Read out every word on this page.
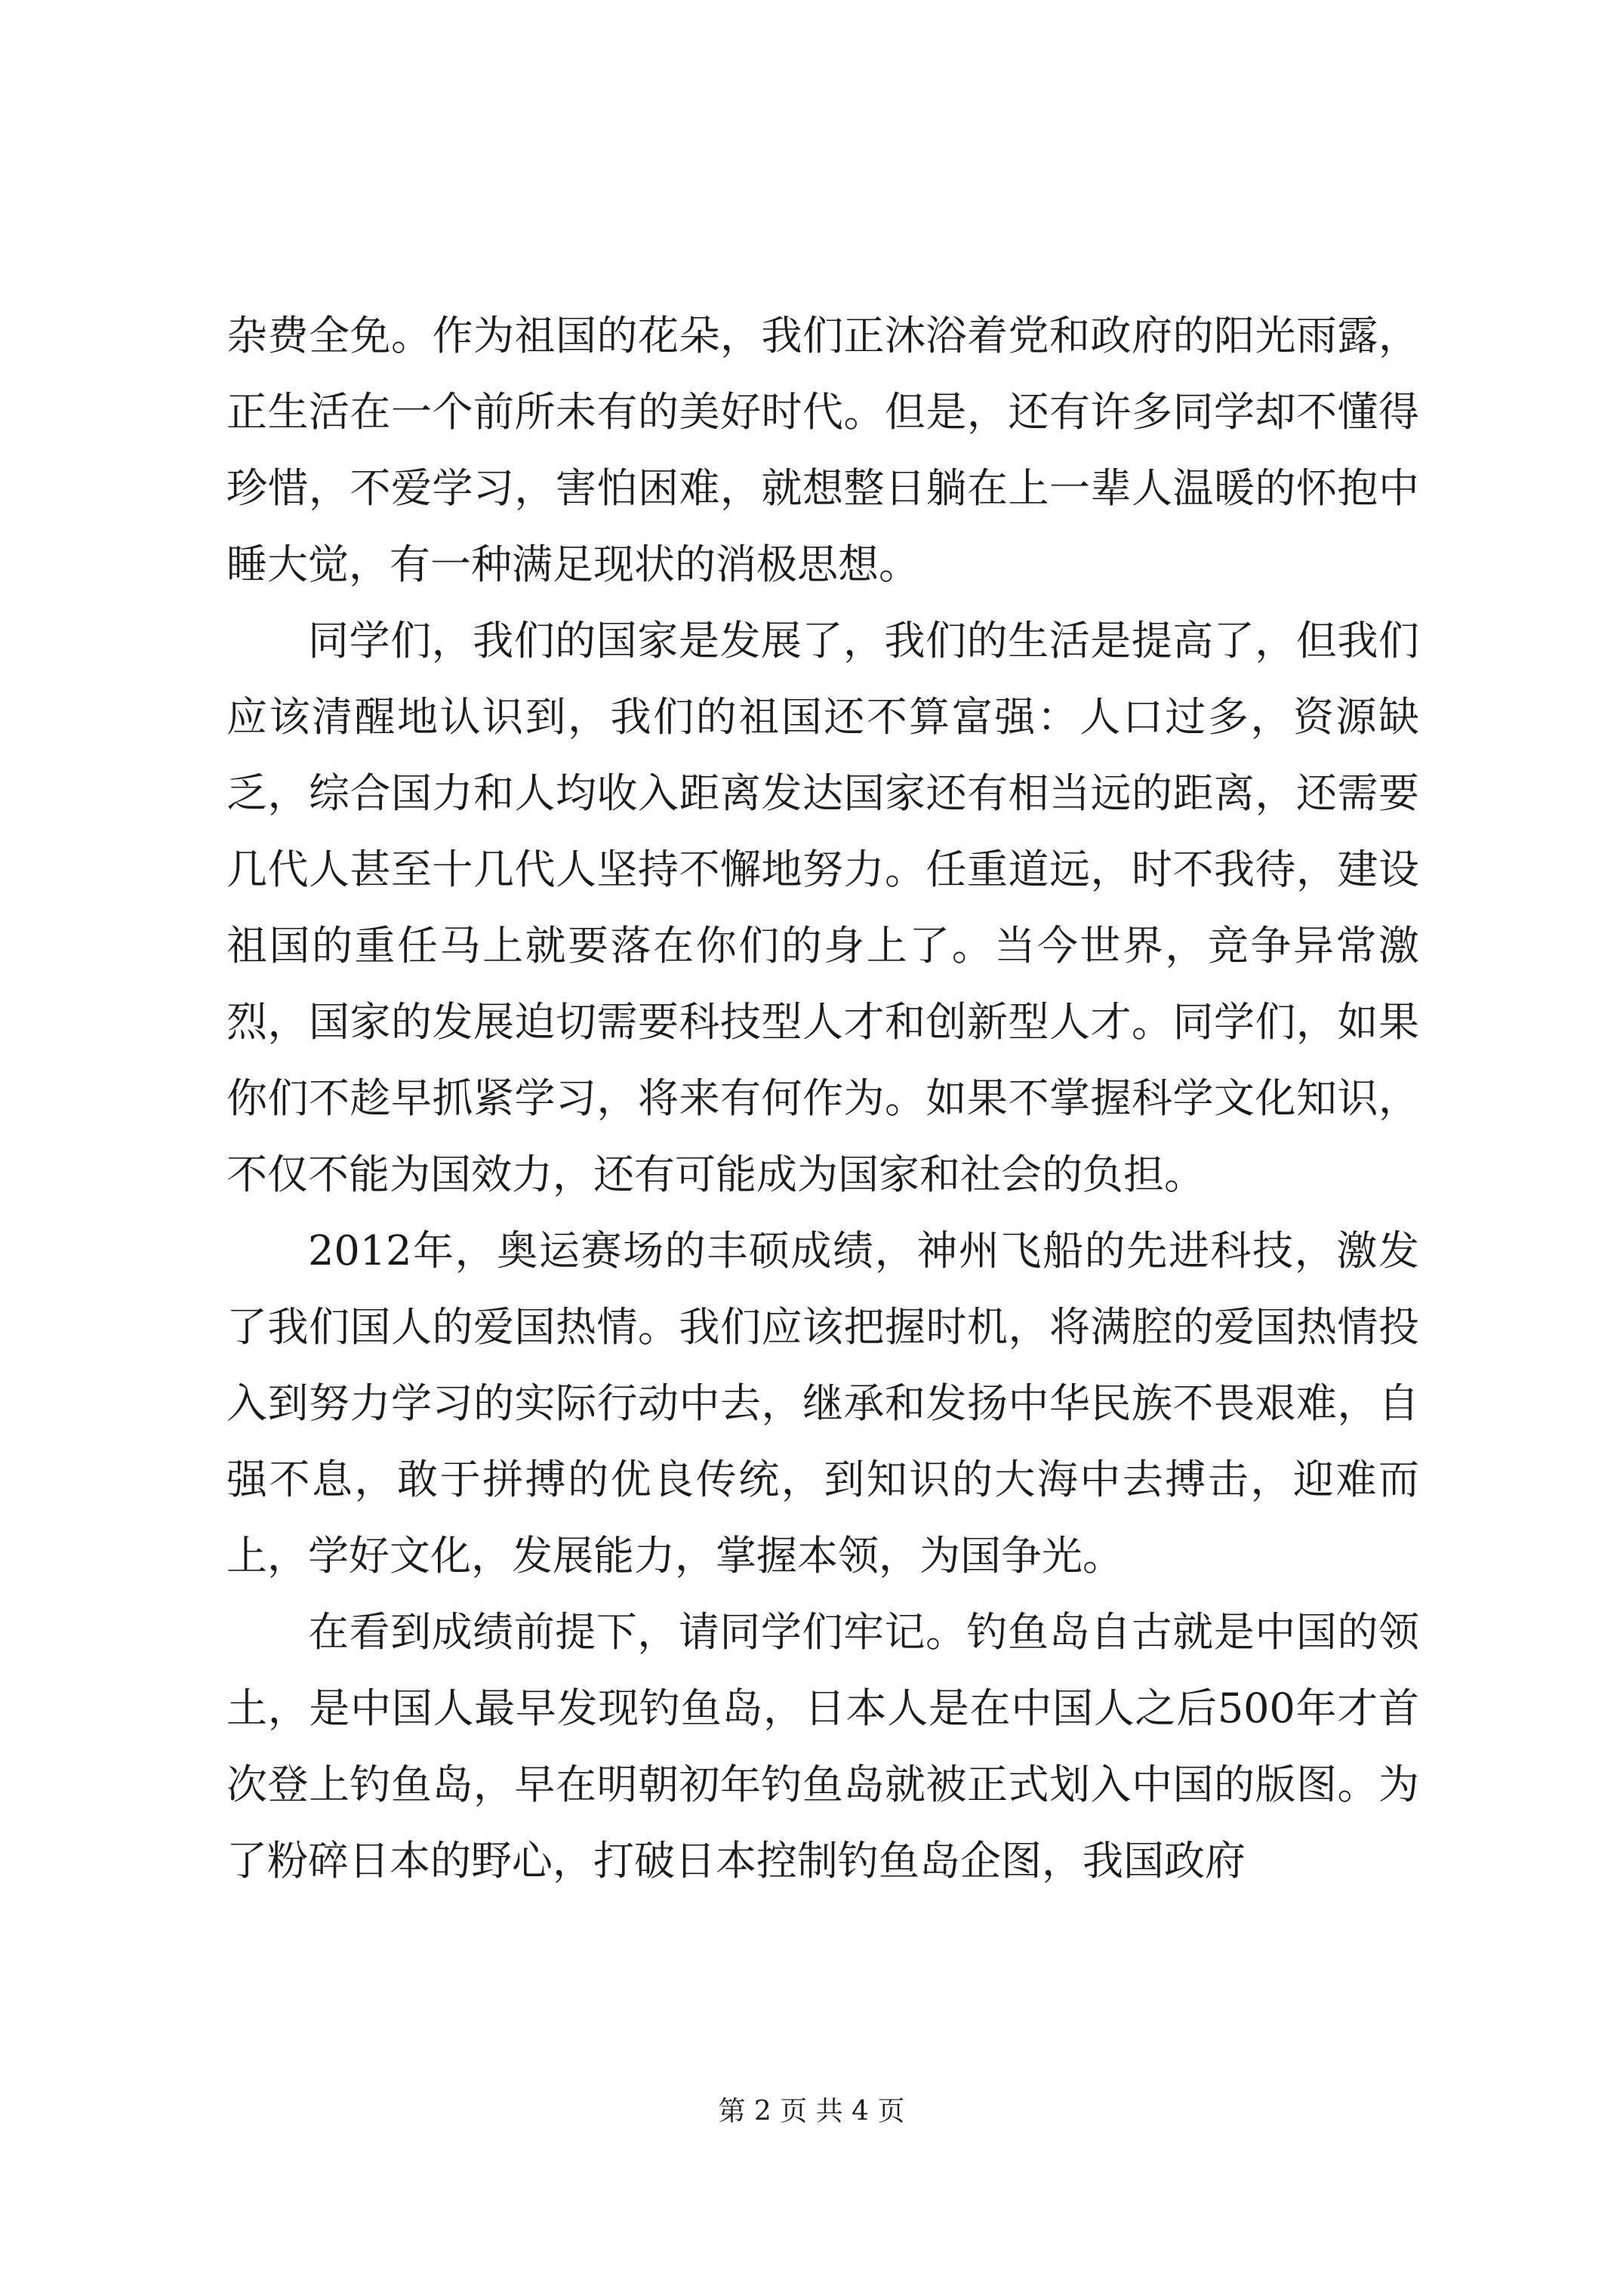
杂费全免。作为祖国的花朵，我们正沐浴着党和政府的阳光雨露，正生活在一个前所未有的美好时代。但是，还有许多同学却不懂得珍惜，不爱学习，害怕困难，就想整日躺在上一辈人温暖的怀抱中睡大觉，有一种满足现状的消极思想。

同学们，我们的国家是发展了，我们的生活是提高了，但我们应该清醒地认识到，我们的祖国还不算富强：人口过多，资源缺乏，综合国力和人均收入距离发达国家还有相当远的距离，还需要几代人甚至十几代人坚持不懈地努力。任重道远，时不我待，建设祖国的重任马上就要落在你们的身上了。当今世界，竞争异常激烈，国家的发展迫切需要科技型人才和创新型人才。同学们，如果你们不趁早抓紧学习，将来有何作为。如果不掌握科学文化知识，不仅不能为国效力，还有可能成为国家和社会的负担。

2012年，奥运赛场的丰硕成绩，神州飞船的先进科技，激发了我们国人的爱国热情。我们应该把握时机，将满腔的爱国热情投入到努力学习的实际行动中去，继承和发扬中华民族不畏艰难，自强不息，敢于拼搏的优良传统，到知识的大海中去搏击，迎难而上，学好文化，发展能力，掌握本领，为国争光。

在看到成绩前提下，请同学们牢记。钓鱼岛自古就是中国的领土，是中国人最早发现钓鱼岛，日本人是在中国人之后500年才首次登上钓鱼岛，早在明朝初年钓鱼岛就被正式划入中国的版图。为了粉碎日本的野心，打破日本控制钓鱼岛企图，我国政府

第 2 页 共 4 页
